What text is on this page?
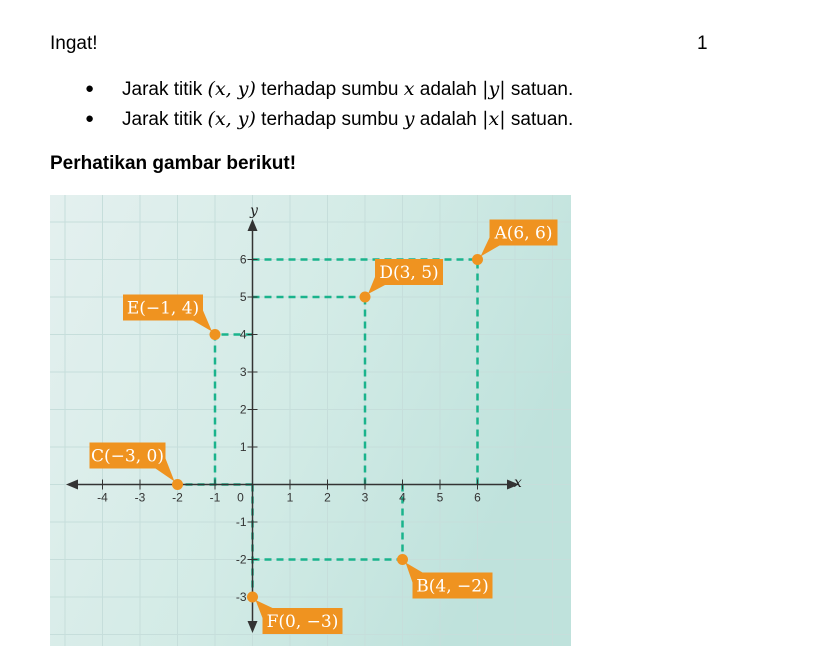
Ingat!	1
● Jarak titik (x, y) terhadap sumbu x adalah |y| satuan.
● Jarak titik (x, y) terhadap sumbu y adalah |x| satuan.
Perhatikan gambar berikut!
x
y
-4 -3 -2 -1 0	1	2	3	4	5	6
-3
-2
-1
1
2
3
4
5
6
A(6, 6)
D(3, 5)
E(−1, 4)
C(−3, 0)
B(4, −2)
F(0, −3)
